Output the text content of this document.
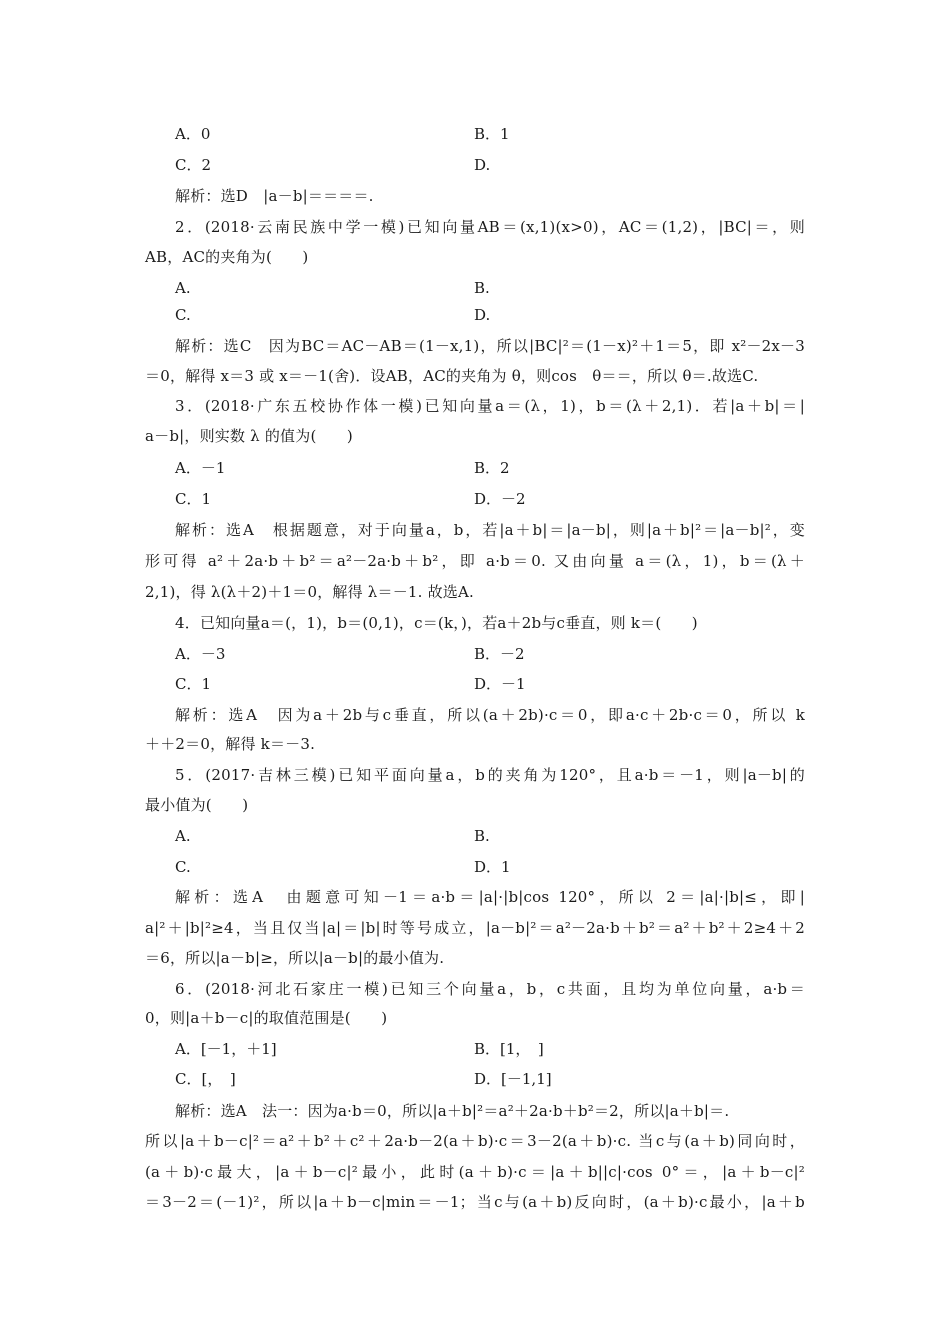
A．0	B．1
C．2	D.
解析：选D　|a－b|＝＝＝＝.
2．(2018·云南民族中学一模)已知向量AB＝(x,1)(x>0)，AC＝(1,2)，|BC|＝，则
AB，AC的夹角为(　　)
A.	B.
C.	D.
解析：选C　因为BC＝AC－AB＝(1－x,1)，所以|BC|²＝(1－x)²＋1＝5，即 x²－2x－3
＝0，解得 x＝3 或 x＝－1(舍)．设AB，AC的夹角为 θ，则cos　θ＝＝，所以 θ＝.故选C.
3．(2018·广东五校协作体一模)已知向量a＝(λ，1)，b＝(λ＋2,1)．若|a＋b|＝|
a－b|，则实数 λ 的值为(　　)
A．－1	B．2
C．1	D．－2
解析：选A　根据题意，对于向量a，b，若|a＋b|＝|a－b|，则|a＋b|²＝|a－b|²，变
形可得 a²＋2a·b＋b²＝a²－2a·b＋b²，即 a·b＝0. 又由向量 a＝(λ，1)，b＝(λ＋
2,1)，得 λ(λ＋2)＋1＝0，解得 λ＝－1. 故选A.
4．已知向量a＝(，1)，b＝(0,1)，c＝(k，)，若a＋2b与c垂直，则 k＝(　　)
A．－3	B．－2
C．1	D．－1
解析：选A　因为a＋2b与c垂直，所以(a＋2b)·c＝0，即a·c＋2b·c＝0，所以 k
＋＋2＝0，解得 k＝－3.
5．(2017·吉林三模)已知平面向量a，b的夹角为120°，且a·b＝－1，则|a－b|的
最小值为(　　)
A.	B.
C.	D．1
解析：选A　由题意可知－1＝a·b＝|a|·|b|cos 120°，所以 2＝|a|·|b|≤，即|
a|²＋|b|²≥4，当且仅当|a|＝|b|时等号成立，|a－b|²＝a²－2a·b＋b²＝a²＋b²＋2≥4＋2
＝6，所以|a－b|≥，所以|a－b|的最小值为.
6．(2018·河北石家庄一模)已知三个向量a，b，c共面，且均为单位向量，a·b＝
0，则|a＋b－c|的取值范围是(　　)
A．[－1，＋1]	B．[1，　]
C．[，　]	D．[－1,1]
解析：选A　法一：因为a·b＝0，所以|a＋b|²＝a²＋2a·b＋b²＝2，所以|a＋b|＝.
所以|a＋b－c|²＝a²＋b²＋c²＋2a·b－2(a＋b)·c＝3－2(a＋b)·c. 当c与(a＋b)同向时，
(a＋b)·c最大，|a＋b－c|²最小，此时(a＋b)·c＝|a＋b||c|·cos 0°＝，|a＋b－c|²
＝3－2＝(－1)²，所以|a＋b－c|min＝－1；当c与(a＋b)反向时，(a＋b)·c最小，|a＋b
